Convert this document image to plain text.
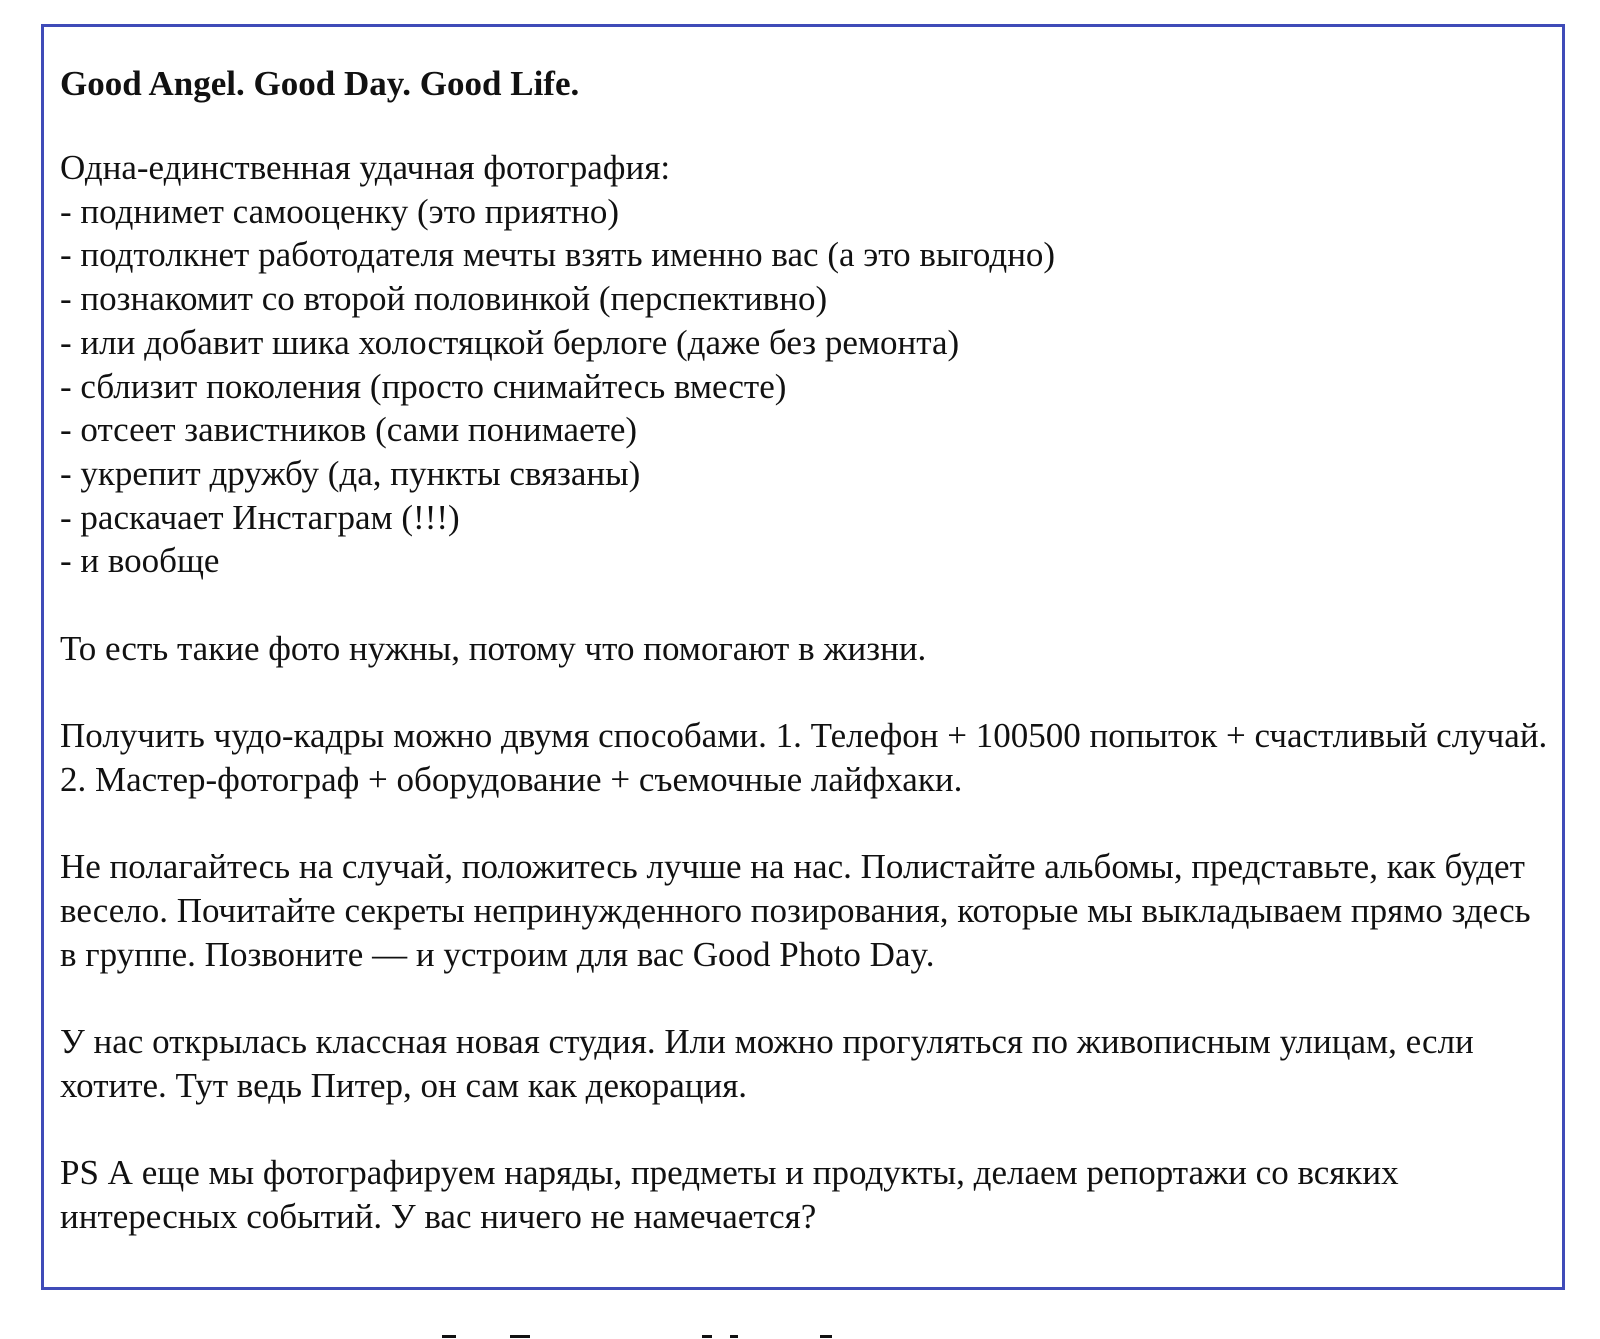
Good Angel. Good Day. Good Life.

Одна-единственная удачная фотография:

- поднимет самооценку (это приятно)
- подтолкнет работодателя мечты взять именно вас (а это выгодно)
- познакомит со второй половинкой (перспективно)
- или добавит шика холостяцкой берлоге (даже без ремонта)
- сблизит поколения (просто снимайтесь вместе)
- отсеет завистников (сами понимаете)
- укрепит дружбу (да, пункты связаны)
- раскачает Инстаграм (!!!)
- и вообще

То есть такие фото нужны, потому что помогают в жизни.

Получить чудо-кадры можно двумя способами. 1. Телефон + 100500 попыток + счастливый случай. 2. Мастер-фотограф + оборудование + съемочные лайфхаки.

Не полагайтесь на случай, положитесь лучше на нас. Полистайте альбомы, представьте, как будет весело. Почитайте секреты непринужденного позирования, которые мы выкладываем прямо здесь в группе. Позвоните — и устроим для вас Good Photo Day.

У нас открылась классная новая студия. Или можно прогуляться по живописным улицам, если хотите. Тут ведь Питер, он сам как декорация.

PS А еще мы фотографируем наряды, предметы и продукты, делаем репортажи со всяких интересных событий. У вас ничего не намечается?
